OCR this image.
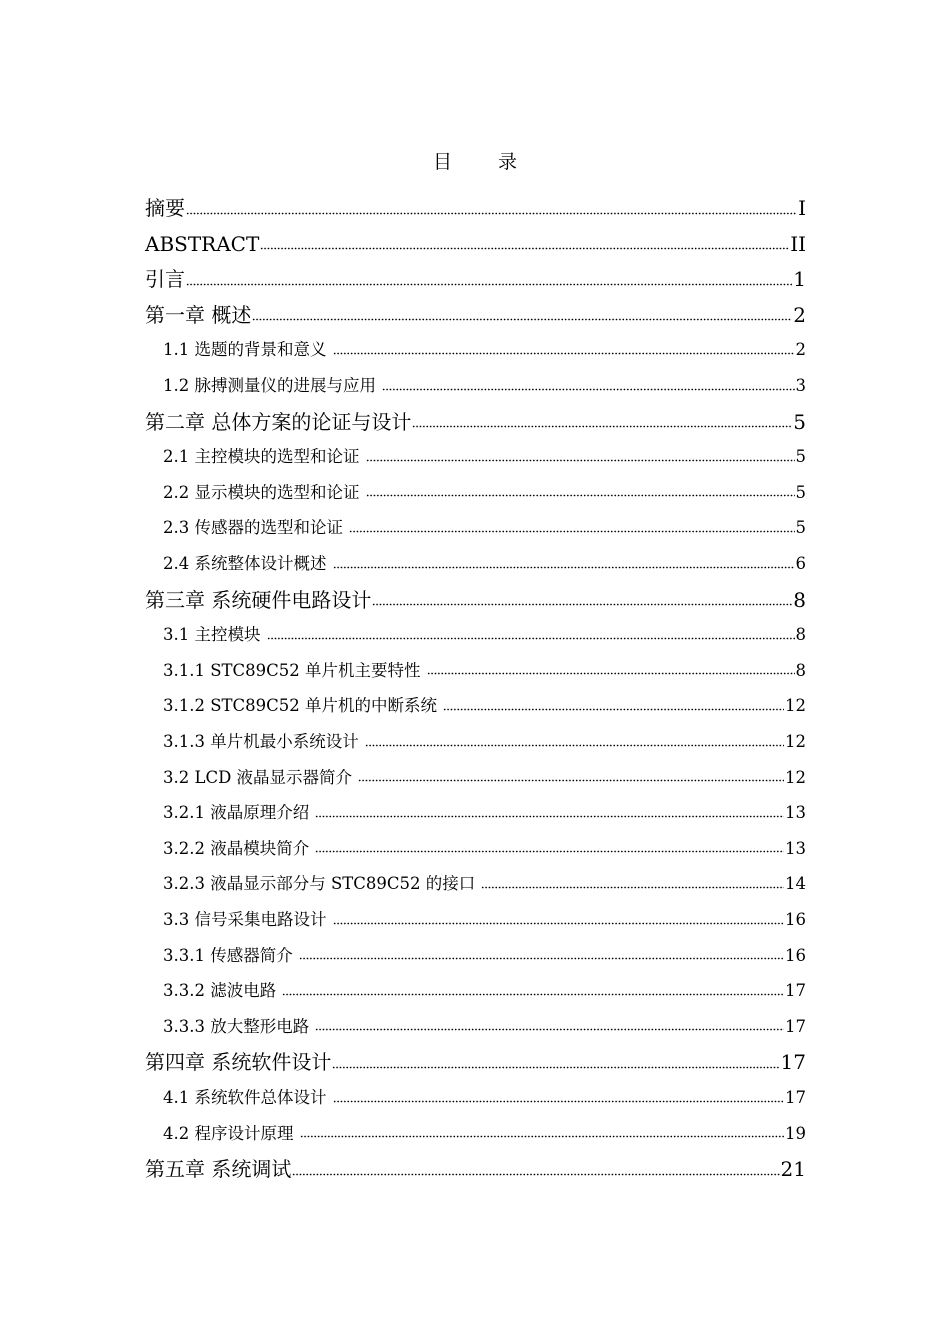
目 录
摘要	I
ABSTRACT	II
引言	1
第一章 概述	2
1.1 选题的背景和意义	2
1.2 脉搏测量仪的进展与应用	3
第二章 总体方案的论证与设计	5
2.1 主控模块的选型和论证	5
2.2 显示模块的选型和论证	5
2.3 传感器的选型和论证	5
2.4 系统整体设计概述	6
第三章 系统硬件电路设计	8
3.1 主控模块	8
3.1.1 STC89C52 单片机主要特性	8
3.1.2 STC89C52 单片机的中断系统	12
3.1.3 单片机最小系统设计	12
3.2 LCD 液晶显示器简介	12
3.2.1 液晶原理介绍	13
3.2.2 液晶模块简介	13
3.2.3 液晶显示部分与 STC89C52 的接口	14
3.3 信号采集电路设计	16
3.3.1 传感器简介	16
3.3.2 滤波电路	17
3.3.3 放大整形电路	17
第四章 系统软件设计	17
4.1 系统软件总体设计	17
4.2 程序设计原理	19
第五章 系统调试	21
